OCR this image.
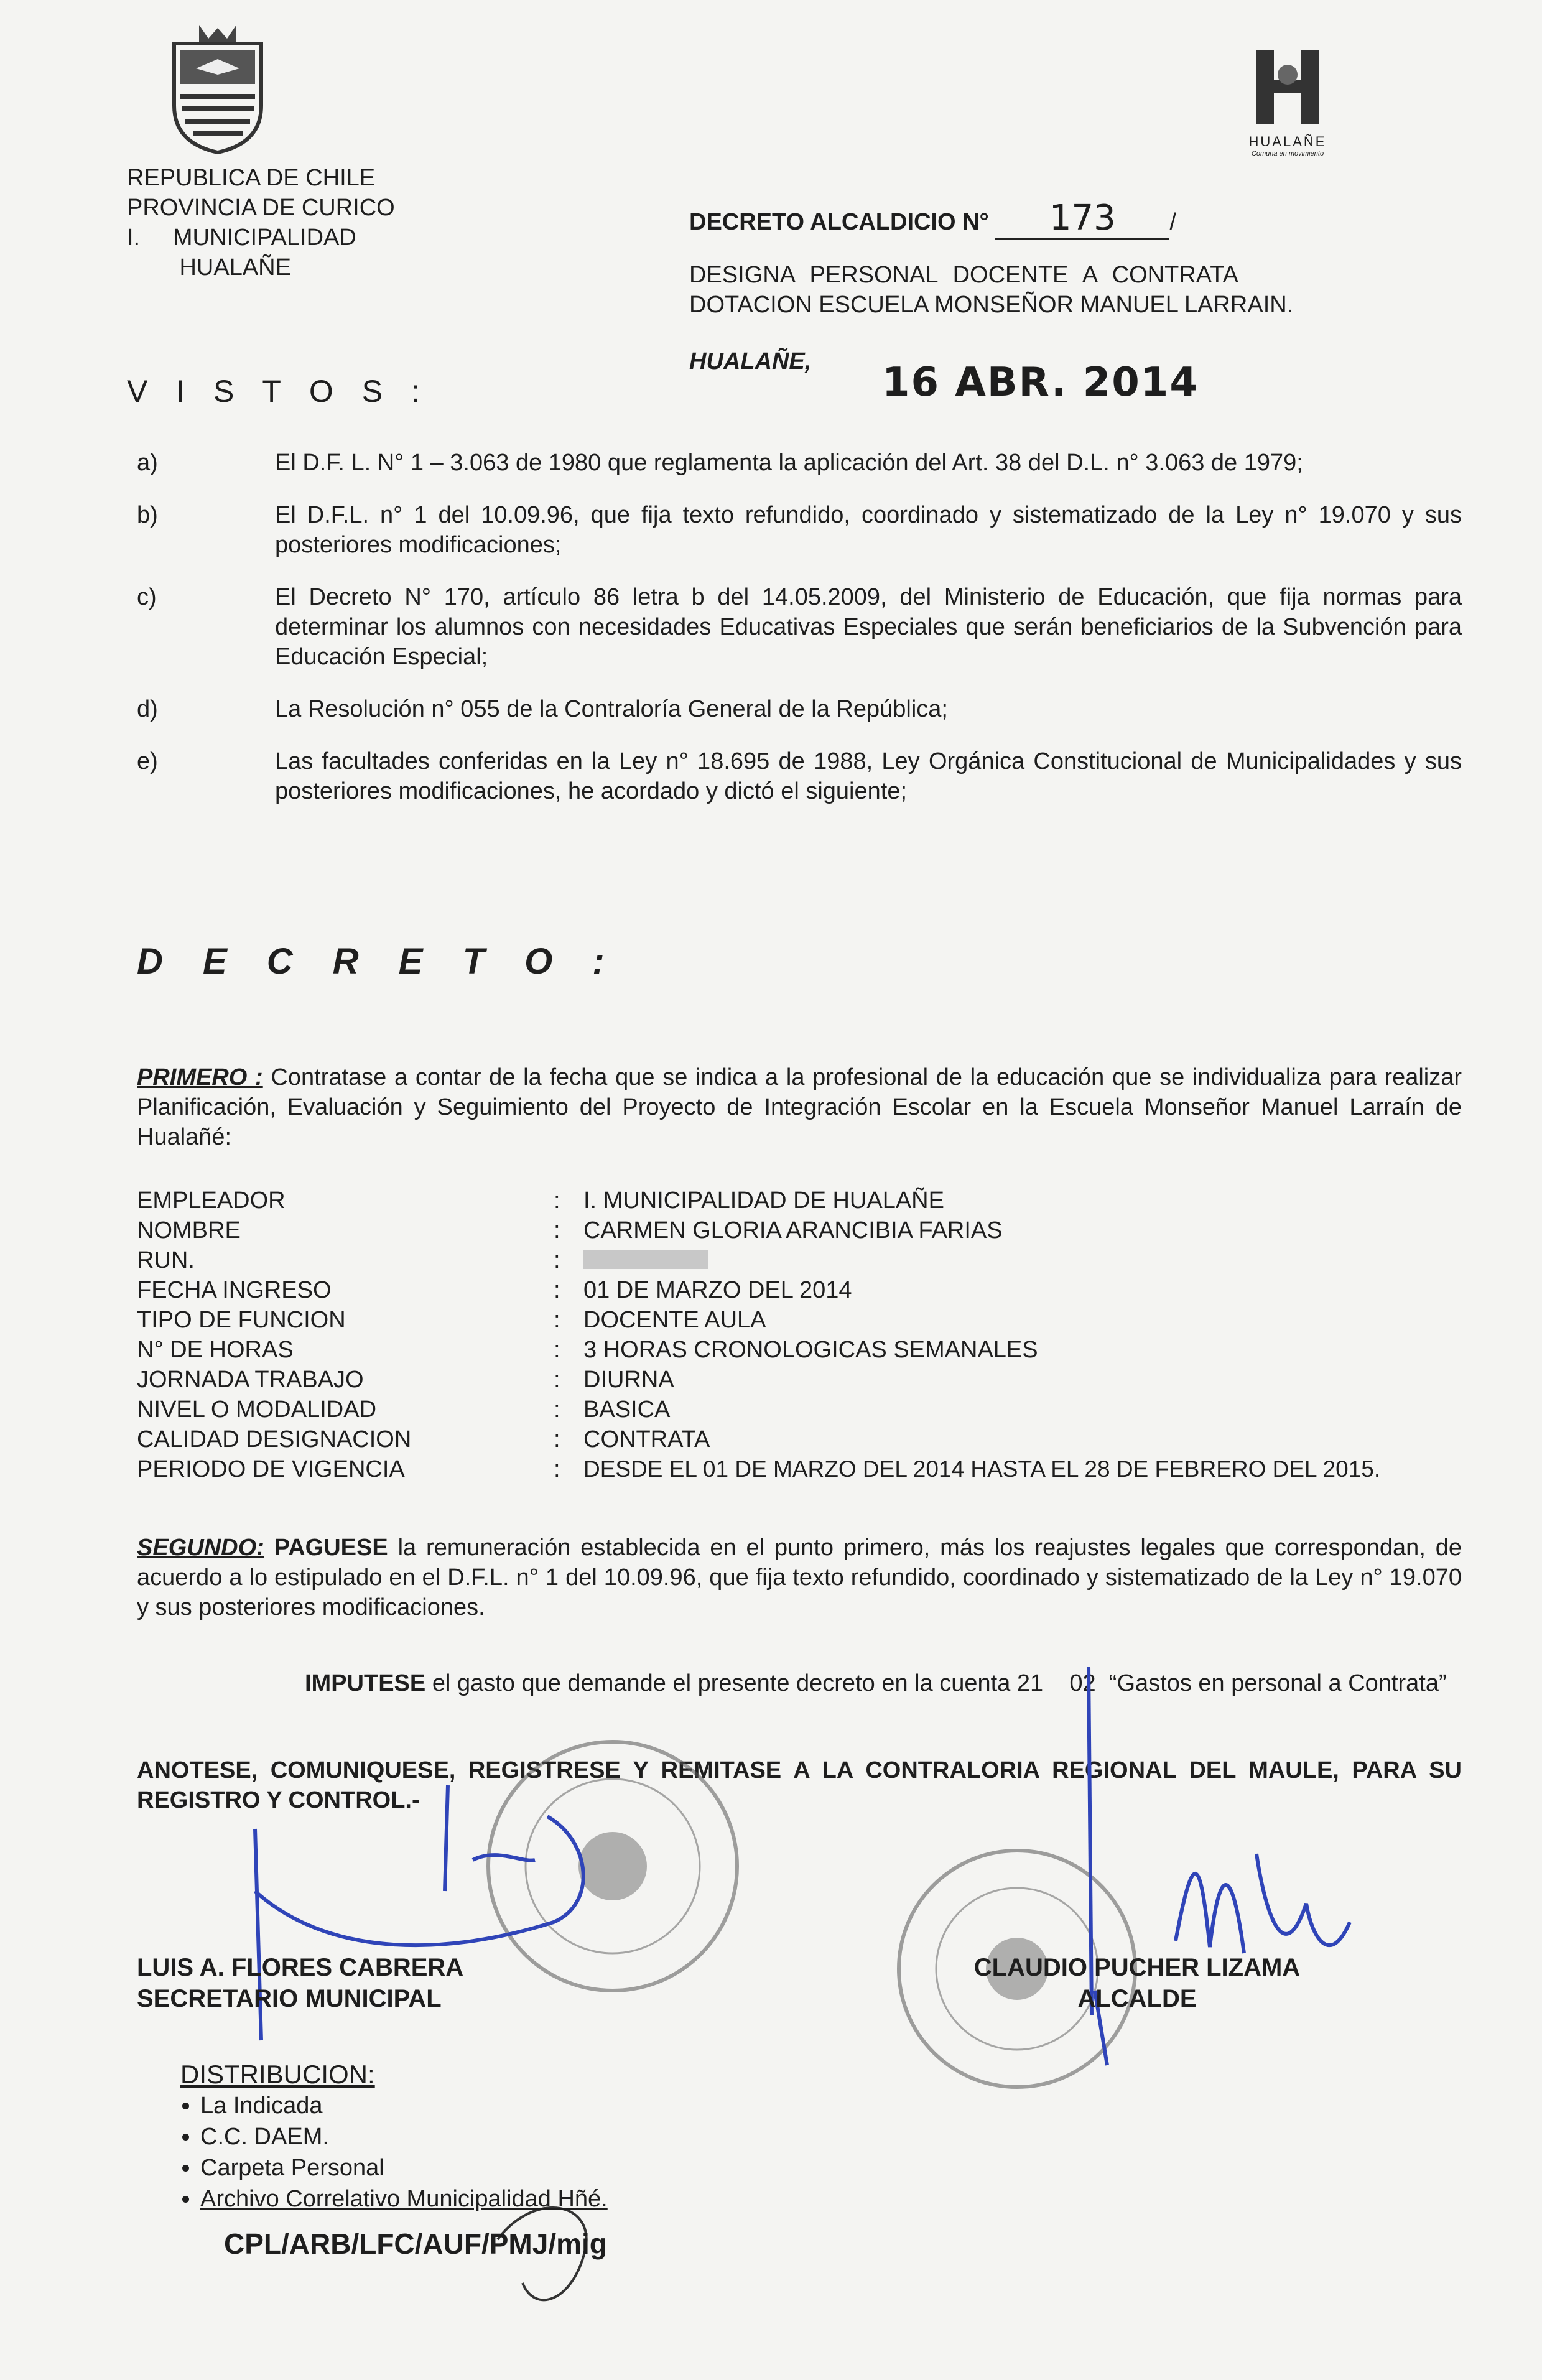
REPUBLICA DE CHILE
PROVINCIA DE CURICO
I.     MUNICIPALIDAD
HUALAÑE
HUALAÑE
Comuna en movimiento
DECRETO ALCALDICIO N° 173 /
DESIGNA PERSONAL DOCENTE A CONTRATA
DOTACION ESCUELA MONSEÑOR MANUEL LARRAIN.
HUALAÑE, 16 ABR. 2014
V I S T O S :
a)	El D.F. L. N° 1 – 3.063 de 1980 que reglamenta la aplicación del Art. 38 del D.L. n° 3.063 de 1979;
b)	El D.F.L. n° 1 del 10.09.96, que fija texto refundido, coordinado y sistematizado de la Ley n° 19.070 y sus posteriores modificaciones;
c)	El Decreto N° 170, artículo 86 letra b del 14.05.2009, del Ministerio de Educación, que fija normas para determinar los alumnos con necesidades Educativas Especiales que serán beneficiarios de la Subvención para Educación Especial;
d)	La Resolución n° 055 de la Contraloría General de la República;
e)	Las facultades conferidas en la Ley n° 18.695 de 1988, Ley Orgánica Constitucional de Municipalidades y sus posteriores modificaciones, he acordado y dictó el siguiente;
D E C R E T O :
PRIMERO : Contratase a contar de la fecha que se indica a la profesional de la educación que se individualiza para realizar Planificación, Evaluación y Seguimiento del Proyecto de Integración Escolar en la Escuela Monseñor Manuel Larraín de Hualañé:
EMPLEADOR	: I. MUNICIPALIDAD DE HUALAÑE
NOMBRE	: CARMEN GLORIA ARANCIBIA FARIAS
RUN.	:
FECHA INGRESO	: 01 DE MARZO DEL 2014
TIPO DE FUNCION	: DOCENTE AULA
N° DE HORAS	: 3 HORAS CRONOLOGICAS SEMANALES
JORNADA TRABAJO	: DIURNA
NIVEL O MODALIDAD	: BASICA
CALIDAD DESIGNACION	: CONTRATA
PERIODO DE VIGENCIA	:	DESDE EL 01 DE MARZO DEL 2014 HASTA EL 28 DE FEBRERO DEL 2015.
SEGUNDO: PAGUESE la remuneración establecida en el punto primero, más los reajustes legales que correspondan, de acuerdo a lo estipulado en el D.F.L. n° 1 del 10.09.96, que fija texto refundido, coordinado y sistematizado de la Ley n° 19.070 y sus posteriores modificaciones.
IMPUTESE el gasto que demande el presente decreto en la cuenta 21    02  “Gastos en personal a Contrata”
ANOTESE, COMUNIQUESE, REGISTRESE Y REMITASE A LA CONTRALORIA REGIONAL DEL MAULE, PARA SU REGISTRO Y CONTROL.-
LUIS A. FLORES CABRERA
SECRETARIO MUNICIPAL
CLAUDIO PUCHER LIZAMA
ALCALDE
DISTRIBUCION:
• La Indicada
• C.C. DAEM.
• Carpeta Personal
• Archivo Correlativo Municipalidad Hñé.
CPL/ARB/LFC/AUF/PMJ/mig
